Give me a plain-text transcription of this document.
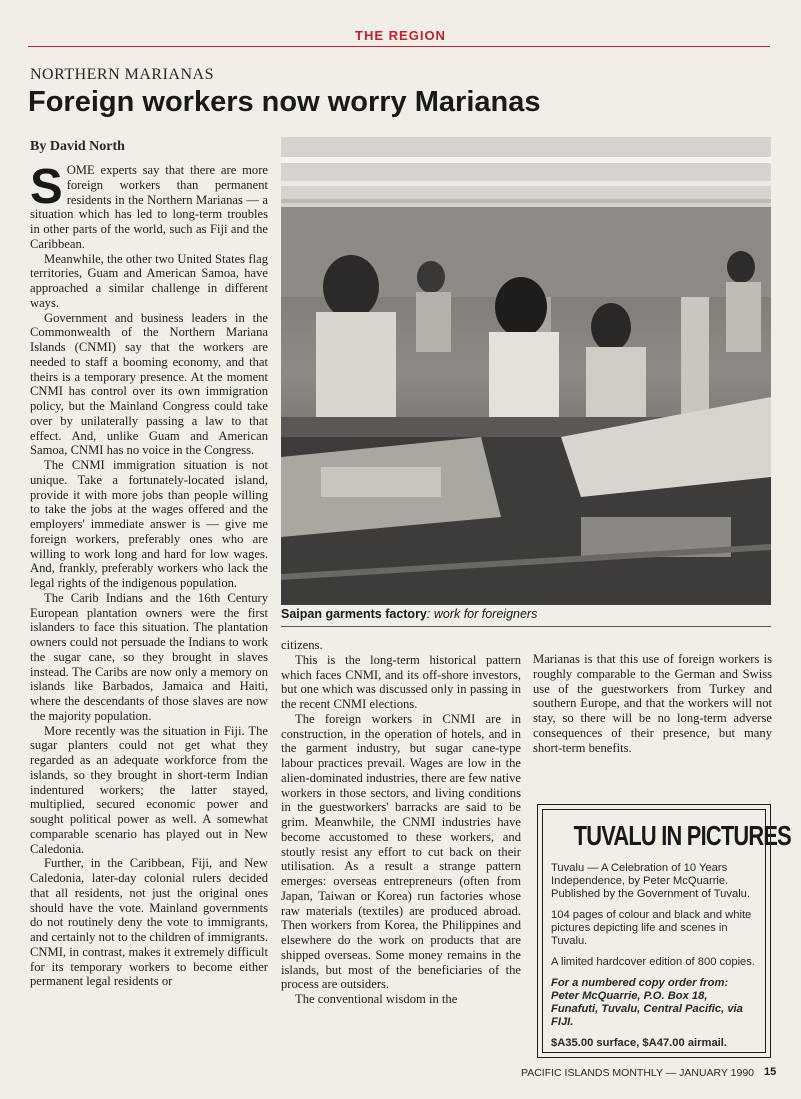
THE REGION
NORTHERN MARIANAS
Foreign workers now worry Marianas
By David North

SOME experts say that there are more foreign workers than permanent residents in the Northern Marianas — a situation which has led to long-term troubles in other parts of the world, such as Fiji and the Caribbean.

Meanwhile, the other two United States flag territories, Guam and American Samoa, have approached a similar challenge in different ways.

Government and business leaders in the Commonwealth of the Northern Mariana Islands (CNMI) say that the workers are needed to staff a booming economy, and that theirs is a temporary presence. At the moment CNMI has control over its own immigration policy, but the Mainland Congress could take over by unilaterally passing a law to that effect. And, unlike Guam and American Samoa, CNMI has no voice in the Congress.

The CNMI immigration situation is not unique. Take a fortunately-located island, provide it with more jobs than people willing to take the jobs at the wages offered and the employers' immediate answer is — give me foreign workers, preferably ones who are willing to work long and hard for low wages. And, frankly, preferably workers who lack the legal rights of the indigenous population.

The Carib Indians and the 16th Century European plantation owners were the first islanders to face this situation. The plantation owners could not persuade the Indians to work the sugar cane, so they brought in slaves instead. The Caribs are now only a memory on islands like Barbados, Jamaica and Haiti, where the descendants of those slaves are now the majority population.

More recently was the situation in Fiji. The sugar planters could not get what they regarded as an adequate workforce from the islands, so they brought in short-term Indian indentured workers; the latter stayed, multiplied, secured economic power and sought political power as well. A somewhat comparable scenario has played out in New Caledonia.

Further, in the Caribbean, Fiji, and New Caledonia, later-day colonial rulers decided that all residents, not just the original ones should have the vote. Mainland governments do not routinely deny the vote to immigrants, and certainly not to the children of immigrants. CNMI, in contrast, makes it extremely difficult for its temporary workers to become either permanent legal residents or

Saipan garments factory: work for foreigners

citizens.

This is the long-term historical pattern which faces CNMI, and its off-shore investors, but one which was discussed only in passing in the recent CNMI elections.

The foreign workers in CNMI are in construction, in the operation of hotels, and in the garment industry, but sugar cane-type labour practices prevail. Wages are low in the alien-dominated industries, there are few native workers in those sectors, and living conditions in the guestworkers' barracks are said to be grim. Meanwhile, the CNMI industries have become accustomed to these workers, and stoutly resist any effort to cut back on their utilisation. As a result a strange pattern emerges: overseas entrepreneurs (often from Japan, Taiwan or Korea) run factories whose raw materials (textiles) are produced abroad. Then workers from Korea, the Philippines and elsewhere do the work on products that are shipped overseas. Some money remains in the islands, but most of the beneficiaries of the process are outsiders.

The conventional wisdom in the

Marianas is that this use of foreign workers is roughly comparable to the German and Swiss use of the guestworkers from Turkey and southern Europe, and that the workers will not stay, so there will be no long-term adverse consequences of their presence, but many short-term benefits.

TUVALU IN PICTURES

Tuvalu — A Celebration of 10 Years Independence, by Peter McQuarrie. Published by the Government of Tuvalu.

104 pages of colour and black and white pictures depicting life and scenes in Tuvalu.

A limited hardcover edition of 800 copies.

For a numbered copy order from:
Peter McQuarrie, P.O. Box 18, Funafuti, Tuvalu, Central Pacific, via FIJI.

$A35.00 surface, $A47.00 airmail.

PACIFIC ISLANDS MONTHLY — JANUARY 1990 15
